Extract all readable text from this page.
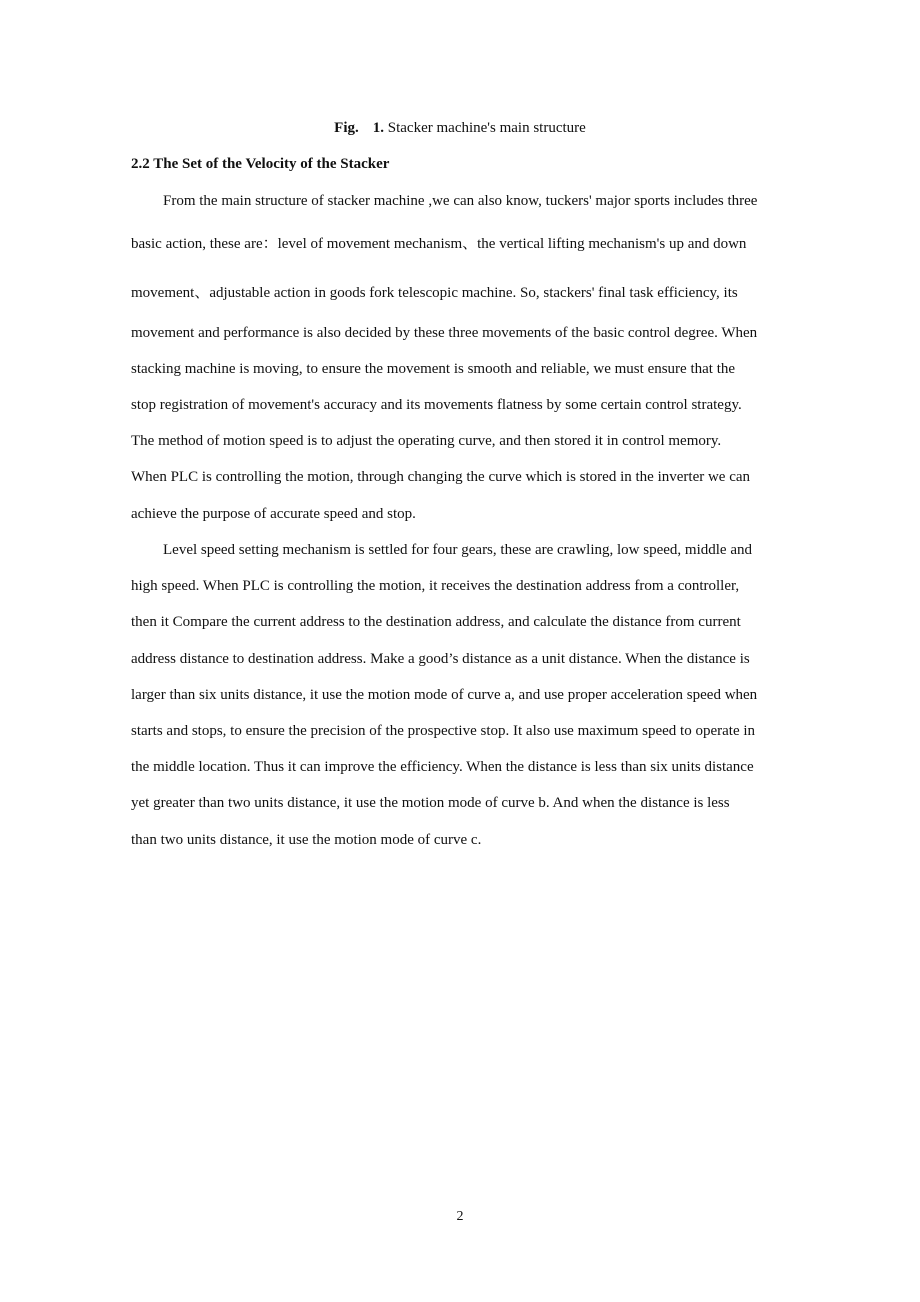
Fig. 1. Stacker machine's main structure
2.2 The Set of the Velocity of the Stacker
From the main structure of stacker machine ,we can also know, tuckers' major sports includes three
basic action, these are：level of movement mechanism、the vertical lifting mechanism's up and down
movement、adjustable action in goods fork telescopic machine. So, stackers' final task efficiency, its
movement and performance is also decided by these three movements of the basic control degree. When
stacking machine is moving, to ensure the movement is smooth and reliable, we must ensure that the
stop registration of movement's accuracy and its movements flatness by some certain control strategy.
The method of motion speed is to adjust the operating curve, and then stored it in control memory.
When PLC is controlling the motion, through changing the curve which is stored in the inverter we can
achieve the purpose of accurate speed and stop.
Level speed setting mechanism is settled for four gears, these are crawling, low speed, middle and
high speed. When PLC is controlling the motion, it receives the destination address from a controller,
then it Compare the current address to the destination address, and calculate the distance from current
address distance to destination address. Make a good’s distance as a unit distance. When the distance is
larger than six units distance, it use the motion mode of curve a, and use proper acceleration speed when
starts and stops, to ensure the precision of the prospective stop. It also use maximum speed to operate in
the middle location. Thus it can improve the efficiency. When the distance is less than six units distance
yet greater than two units distance, it use the motion mode of curve b. And when the distance is less
than two units distance, it use the motion mode of curve c.
2
